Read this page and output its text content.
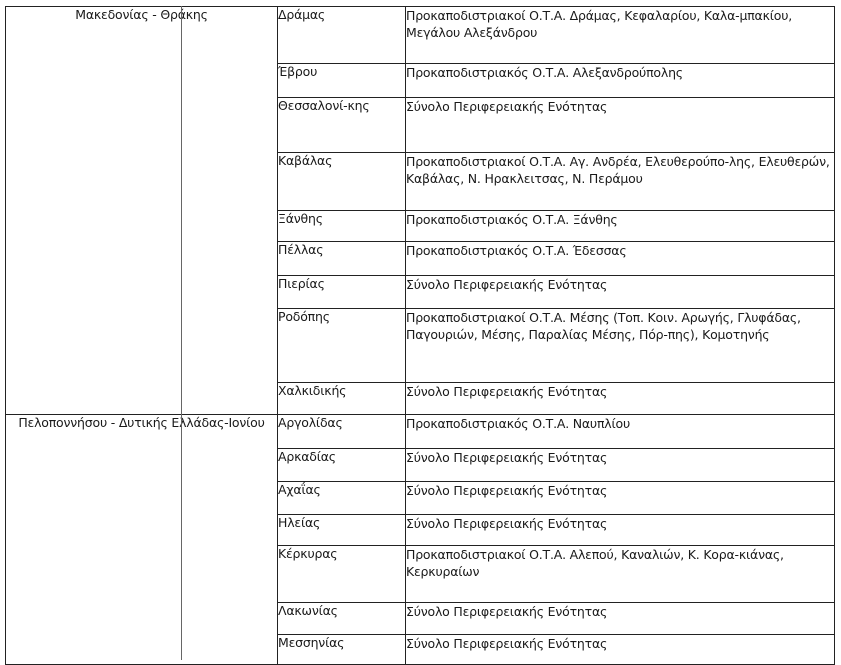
Μακεδονίας - Θράκης	Δράμας	Προκαποδιστριακοί Ο.Τ.Α. Δράμας, Κεφαλαρίου, Καλα-μπακίου, Μεγάλου Αλεξάνδρου
	Έβρου	Προκαποδιστριακός Ο.Τ.Α. Αλεξανδρούπολης
	Θεσσαλονί-κης	Σύνολο Περιφερειακής Ενότητας
	Καβάλας	Προκαποδιστριακοί Ο.Τ.Α. Αγ. Ανδρέα, Ελευθερούπο-λης, Ελευθερών, Καβάλας, Ν. Ηρακλειτσας, Ν. Περάμου
	Ξάνθης	Προκαποδιστριακός Ο.Τ.Α. Ξάνθης
	Πέλλας	Προκαποδιστριακός Ο.Τ.Α. Έδεσσας
	Πιερίας	Σύνολο Περιφερειακής Ενότητας
	Ροδόπης	Προκαποδιστριακοί Ο.Τ.Α. Μέσης (Τοπ. Κοιν. Αρωγής, Γλυφάδας, Παγουριών, Μέσης, Παραλίας Μέσης, Πόρ-πης), Κομοτηνής
	Χαλκιδικής	Σύνολο Περιφερειακής Ενότητας
Πελοποννήσου - Δυτικής Ελλάδας-Ιονίου	Αργολίδας	Προκαποδιστριακός Ο.Τ.Α. Ναυπλίου
	Αρκαδίας	Σύνολο Περιφερειακής Ενότητας
	Αχαΐας	Σύνολο Περιφερειακής Ενότητας
	Ηλείας	Σύνολο Περιφερειακής Ενότητας
	Κέρκυρας	Προκαποδιστριακοί Ο.Τ.Α. Αλεπού, Καναλιών, Κ. Κορα-κιάνας, Κερκυραίων
	Λακωνίας	Σύνολο Περιφερειακής Ενότητας
	Μεσσηνίας	Σύνολο Περιφερειακής Ενότητας
